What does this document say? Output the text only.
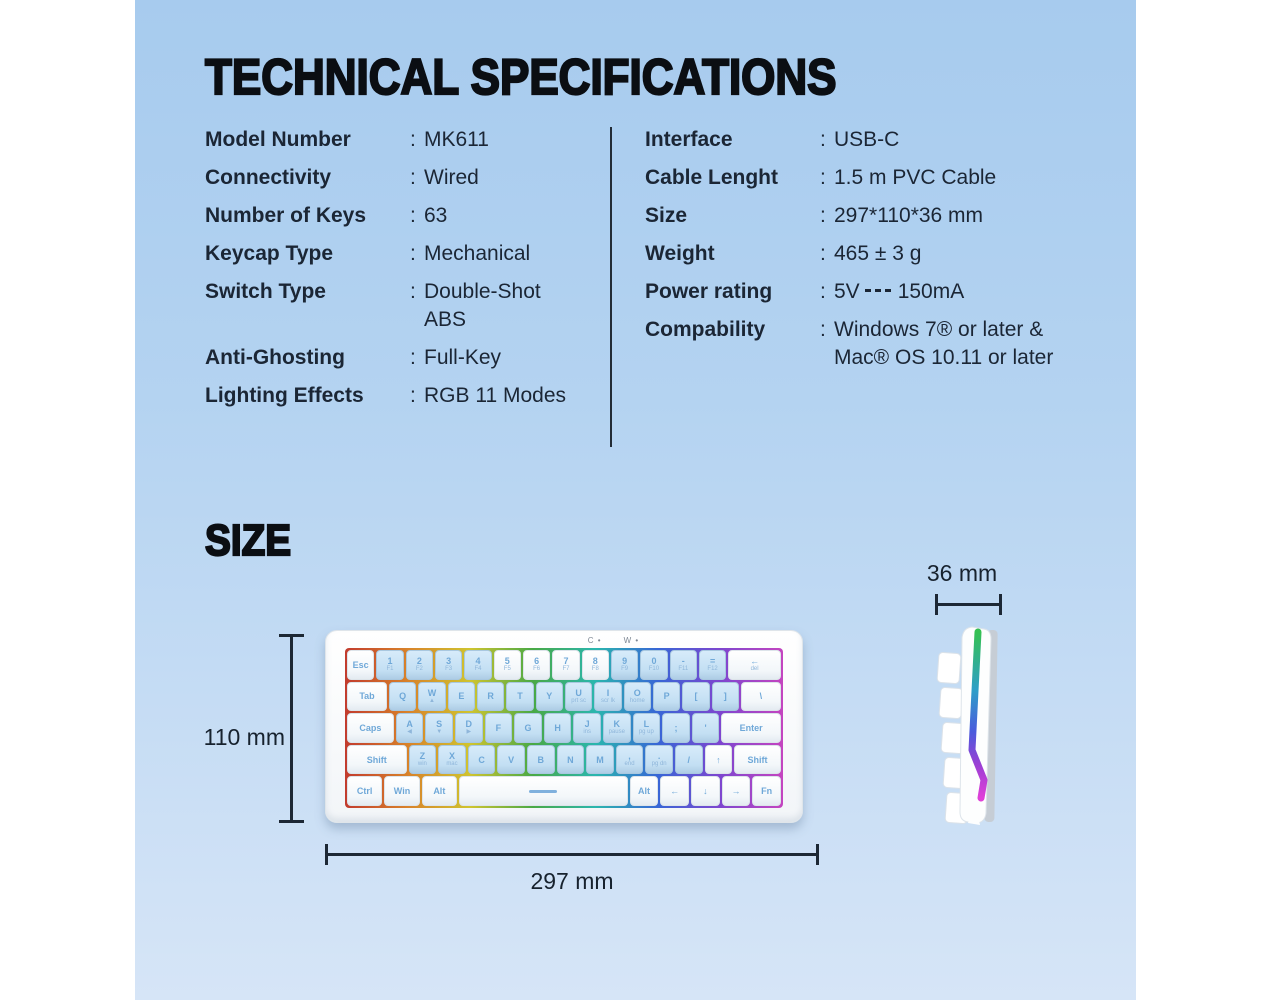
TECHNICAL SPECIFICATIONS
Model Number	: MK611
Connectivity	: Wired
Number of Keys	: 63
Keycap Type	: Mechanical
Switch Type	: Double-Shot
ABS
Anti-Ghosting	: Full-Key
Lighting Effects	: RGB 11 Modes
Interface	: USB-C
Cable Lenght	: 1.5 m PVC Cable
Size	: 297*110*36 mm
Weight	: 465 ± 3 g
Power rating	: 5V 150mA
Compability	: Windows 7® or later &
Mac® OS 10.11 or later
SIZE
36 mm
110 mm
C •	W •
Esc 1
F1
2
F2
3
F3
4
F4
5
F5
6
F6
7
F7
8
F8
9
F9
0
F10
-
F11
=
F12
←
del
Tab	Q W
▲	E	R	T	Y	U
prt sc
I
scr lk
O
home P	[	]	\
Caps	A
◀
S
▼
D
▶	F	G	H	J
ins
K
pause
L
pg up ;	'	Enter
Shift	Z
win
X
mac C	V	B	N	M	,
end
.
pg dn /	↑	Shift
Ctrl Win	Alt	Alt ←	↓	→ Fn
297 mm
